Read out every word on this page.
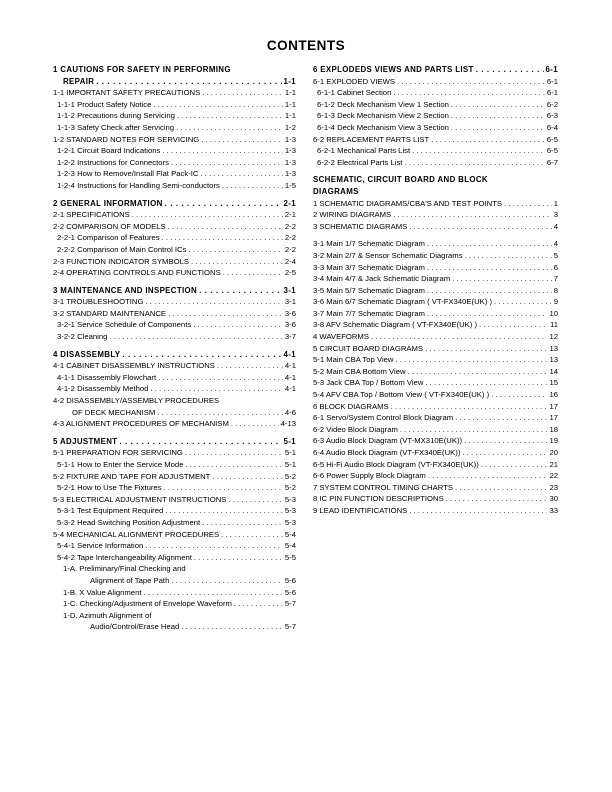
CONTENTS
1 CAUTIONS FOR SAFETY IN PERFORMING
REPAIR . . .	1-1
1-1 IMPORTANT SAFETY PRECAUTIONS . . .	1-1
1-1-1 Product Safety Notice . . .	1-1
1-1-2 Precautions during Servicing . . .	1-1
1-1-3 Safety Check after Servicing . . .	1-2
1-2 STANDARD NOTES FOR SERVICING . . .	1-3
1-2-1 Circuit Board Indications . . .	1-3
1-2-2 Instructions for Connectors . . .	1-3
1-2-3 How to Remove/Install Flat Pack-IC . . .	1-3
1-2-4 Instructions for Handling Semi-conductors . . .	1-5
2 GENERAL INFORMATION . . .	2-1
2-1 SPECIFICATIONS . . .	2-1
2-2 COMPARISON OF MODELS . . .	2-2
2-2-1 Comparison of Features . . .	2-2
2-2-2 Comparison of Main Control ICs . . .	2-2
2-3 FUNCTION INDICATOR SYMBOLS . . .	2-4
2-4 OPERATING CONTROLS AND FUNCTIONS . . .	2-5
3 MAINTENANCE AND INSPECTION . . .	3-1
3-1 TROUBLESHOOTING . . .	3-1
3-2 STANDARD MAINTENANCE . . .	3-6
3-2-1 Service Schedule of Components . . .	3-6
3-2-2 Cleaning . . .	3-7
4 DISASSEMBLY . . .	4-1
4-1 CABINET DISASSEMBLY INSTRUCTIONS . . .	4-1
4-1-1 Disassembly Flowchart . . .	4-1
4-1-2 Disassembly Method . . .	4-1
4-2 DISASSEMBLY/ASSEMBLY PROCEDURES
OF DECK MECHANISM . . .	4-6
4-3 ALIGNMENT PROCEDURES OF MECHANISM . . .	4-13
5 ADJUSTMENT . . .	5-1
5-1 PREPARATION FOR SERVICING . . .	5-1
5-1-1 How to Enter the Service Mode . . .	5-1
5-2 FIXTURE AND TAPE FOR ADJUSTMENT . . .	5-2
5-2-1 How to Use The Fixtures . . .	5-2
5-3 ELECTRICAL ADJUSTMENT INSTRUCTIONS . . .	5-3
5-3-1 Test Equipment Required . . .	5-3
5-3-2 Head Switching Position Adjustment . . .	5-3
5-4 MECHANICAL ALIGNMENT PROCEDURES . . .	5-4
5-4-1 Service Information . . .	5-4
5-4-2 Tape Interchangeability Alignment . . .	5-5
1-A. Preliminary/Final Checking and
Alignment of Tape Path . . .	5-6
1-B. X Value Alignment . . .	5-6
1-C. Checking/Adjustment of Envelope Waveform . . .	5-7
1-D. Azimuth Alignment of
Audio/Control/Erase Head . . .	5-7
6 EXPLODEDS VIEWS AND PARTS LIST . . .	6-1
6-1 EXPLODED VIEWS . . .	6-1
6-1-1 Cabinet Section . . .	6-1
6-1-2 Deck Mechanism View 1 Section . . .	6-2
6-1-3 Deck Mechanism View 2 Section . . .	6-3
6-1-4 Deck Mechanism View 3 Section . . .	6-4
6-2 REPLACEMENT PARTS LIST . . .	6-5
6-2-1 Mechanical Parts List . . .	6-5
6-2-2 Electrical Parts List . . .	6-7
SCHEMATIC, CIRCUIT BOARD AND BLOCK
DIAGRAMS
1 SCHEMATIC DIAGRAMS/CBA'S AND TEST POINTS . . .	1
2 WIRING DIAGRAMS . . .	3
3 SCHEMATIC DIAGRAMS . . .	4
3-1 Main 1/7 Schematic Diagram . . .	4
3-2 Main 2/7 & Sensor Schematic Diagrams . . .	5
3-3 Main 3/7 Schematic Diagram . . .	6
3-4 Main 4/7 & Jack Schematic Diagram . . .	7
3-5 Main 5/7 Schematic Diagram . . .	8
3-6 Main 6/7 Schematic Diagram ( VT-FX340E(UK) ) . . .	9
3-7 Main 7/7 Schematic Diagram . . .	10
3-8 AFV Schematic Diagram ( VT-FX340E(UK) ) . . .	11
4 WAVEFORMS . . .	12
5 CIRCUIT BOARD DIAGRAMS . . .	13
5-1 Main CBA Top View . . .	13
5-2 Main CBA Bottom View . . .	14
5-3 Jack CBA Top / Bottom View . . .	15
5-4 AFV CBA Top / Bottom View ( VT-FX340E(UK) ) . . .	16
6 BLOCK DIAGRAMS . . .	17
6-1 Servo/System Control Block Diagram . . .	17
6-2 Video Block Diagram . . .	18
6-3 Audio Block Diagram (VT-MX310E(UK)) . . .	19
6-4 Audio Block Diagram (VT-FX340E(UK)) . . .	20
6-5 Hi-Fi Audio Block Diagram (VT-FX340E(UK)) . . .	21
6-6 Power Supply Block Diagram . . .	22
7 SYSTEM CONTROL TIMING CHARTS . . .	23
8 IC PIN FUNCTION DESCRIPTIONS . . .	30
9 LEAD IDENTIFICATIONS . . .	33
